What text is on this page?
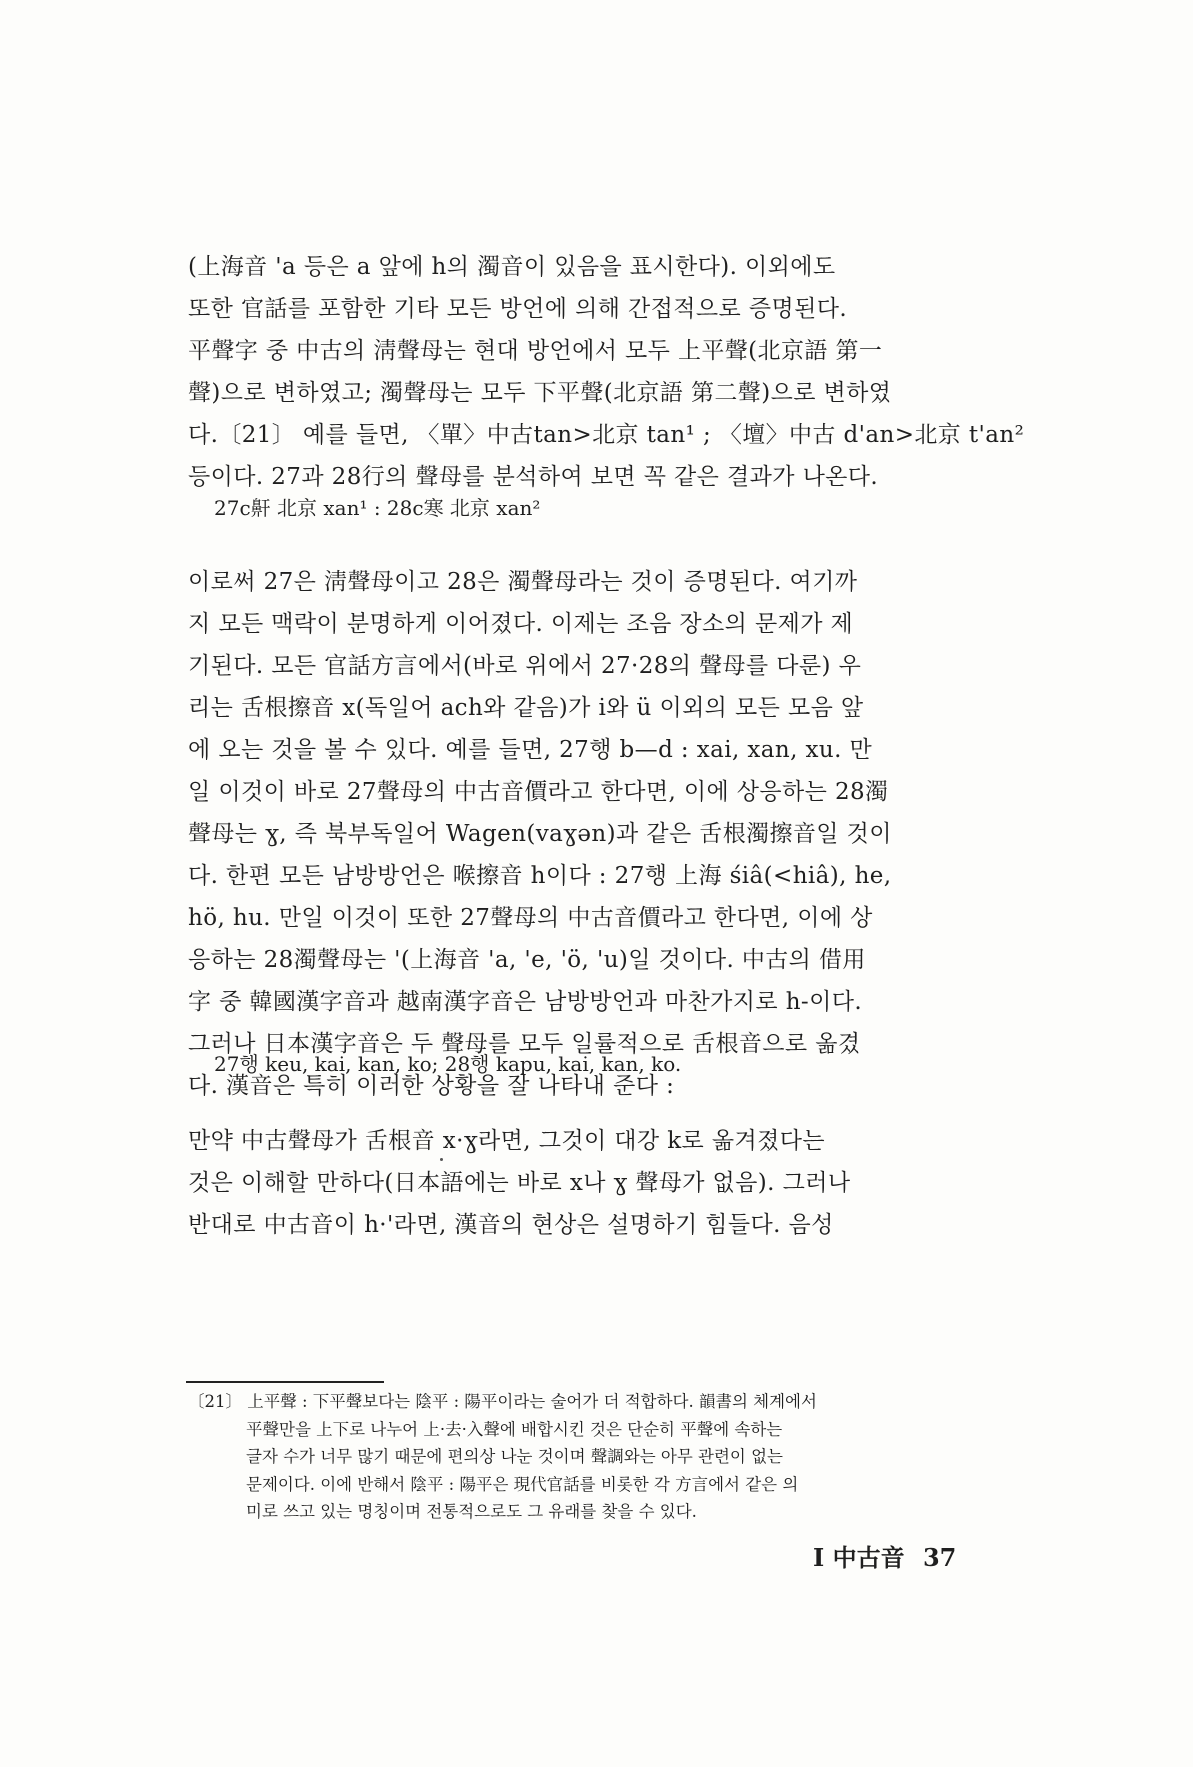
(上海音 'a 등은 a 앞에 h의 濁音이 있음을 표시한다). 이외에도

또한 官話를 포함한 기타 모든 방언에 의해 간접적으로 증명된다.

平聲字 중 中古의 淸聲母는 현대 방언에서 모두 上平聲(北京語 第一

聲)으로 변하였고; 濁聲母는 모두 下平聲(北京語 第二聲)으로 변하였

다.〔21〕 예를 들면, 〈單〉中古tan>北京 tan¹ ; 〈壇〉中古 d'an>北京 t'an²

등이다. 27과 28行의 聲母를 분석하여 보면 꼭 같은 결과가 나온다.

27c鼾 北京 xan¹ : 28c寒 北京 xan²

이로써 27은 淸聲母이고 28은 濁聲母라는 것이 증명된다. 여기까

지 모든 맥락이 분명하게 이어졌다. 이제는 조음 장소의 문제가 제

기된다. 모든 官話方言에서(바로 위에서 27·28의 聲母를 다룬) 우

리는 舌根擦音 x(독일어 ach와 같음)가 i와 ü 이외의 모든 모음 앞

에 오는 것을 볼 수 있다. 예를 들면, 27행 b—d : xai, xan, xu. 만

일 이것이 바로 27聲母의 中古音價라고 한다면, 이에 상응하는 28濁

聲母는 ɣ, 즉 북부독일어 Wagen(vaɣən)과 같은 舌根濁擦音일 것이

다. 한편 모든 남방방언은 喉擦音 h이다 : 27행 上海 śiâ(<hiâ), he,

hö, hu. 만일 이것이 또한 27聲母의 中古音價라고 한다면, 이에 상

응하는 28濁聲母는 '(上海音 'a, 'e, 'ö, 'u)일 것이다. 中古의 借用

字 중 韓國漢字音과 越南漢字音은 남방방언과 마찬가지로 h-이다.

그러나 日本漢字音은 두 聲母를 모두 일률적으로 舌根音으로 옮겼

다. 漢音은 특히 이러한 상황을 잘 나타내 준다 :

27행 keu, kai, kan, ko; 28행 kapu, kai, kan, ko.

만약 中古聲母가 舌根音 x·ɣ라면, 그것이 대강 k로 옮겨졌다는

것은 이해할 만하다(日本語에는 바로 x나 ɣ 聲母가 없음). 그러나

반대로 中古音이 h·'라면, 漢音의 현상은 설명하기 힘들다. 음성

〔21〕 上平聲 : 下平聲보다는 陰平 : 陽平이라는 술어가 더 적합하다. 韻書의 체계에서

平聲만을 上下로 나누어 上·去·入聲에 배합시킨 것은 단순히 平聲에 속하는

글자 수가 너무 많기 때문에 편의상 나눈 것이며 聲調와는 아무 관련이 없는

문제이다. 이에 반해서 陰平 : 陽平은 現代官話를 비롯한 각 方言에서 같은 의

미로 쓰고 있는 명칭이며 전통적으로도 그 유래를 찾을 수 있다.

I 中古音 37
